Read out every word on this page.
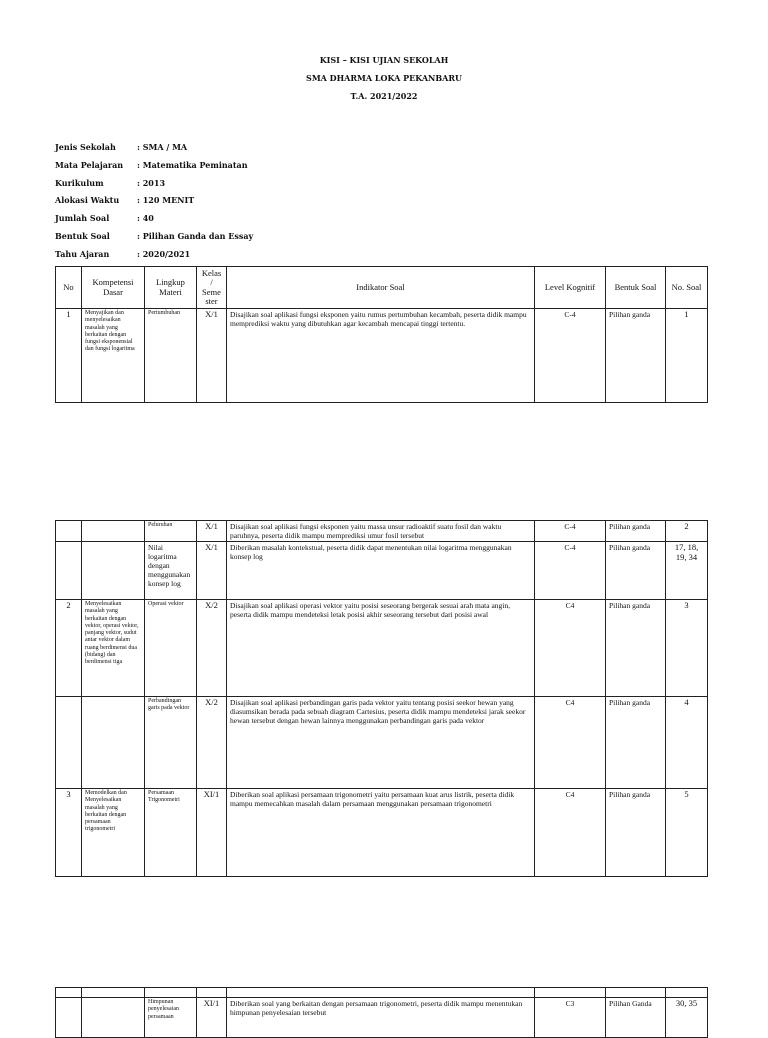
KISI – KISI UJIAN SEKOLAH
SMA DHARMA LOKA PEKANBARU
T.A. 2021/2022
Jenis Sekolah	: SMA / MA
Mata Pelajaran : Matematika Peminatan
Kurikulum	: 2013
Alokasi Waktu : 120 MENIT
Jumlah Soal	: 40
Bentuk Soal	: Pilihan Ganda dan Essay
Tahu Ajaran	: 2020/2021
No	Kompetensi Dasar	Lingkup Materi	Kelas / Seme ster	Indikator Soal	Level Kognitif	Bentuk Soal	No. Soal
1	Menyajikan dan menyelesaikan masalah yang berkaitan dengan fungsi eksponensial dan fungsi logaritma	Pertumbuhan	X/1	Disajikan soal aplikasi fungsi eksponen yaitu rumus pertumbuhan kecambah, peserta didik mampu memprediksi waktu yang dibutuhkan agar kecambah mencapai tinggi tertentu.	C-4	Pilihan ganda	1
		Peluruhan	X/1	Disajikan soal aplikasi fungsi eksponen yaitu massa unsur radioaktif suatu fosil dan waktu paruhnya, peserta didik mampu memprediksi umur fosil tersebut	C-4	Pilihan ganda	2
		Nilai logaritma dengan menggunakan konsep log	X/1	Diberikan masalah kontekstual, peserta didik dapat menentukan nilai logaritma menggunakan konsep log	C-4	Pilihan ganda	17, 18, 19, 34
2	Menyelesaikan masalah yang berkaitan dengan vektor, operasi vektor, panjang vektor, sudut antar vektor dalam ruang berdimensi dua (bidang) dan berdimensi tiga	Operasi vektor	X/2	Disajikan soal aplikasi operasi vektor yaitu posisi seseorang bergerak sesuai arah mata angin, peserta didik mampu mendeteksi letak posisi akhir seseorang tersebut dari posisi awal	C4	Pilihan ganda	3
		Perbandingan garis pada vektor	X/2	Disajikan soal aplikasi perbandingan garis pada vektor yaitu tentang posisi seekor hewan yang diasumsikan berada pada sebuah diagram Cartesius, peserta didik mampu mendeteksi jarak seekor hewan tersebut dengan hewan lainnya menggunakan perbandingan garis pada vektor	C4	Pilihan ganda	4
3	Memodelkan dan Menyelesaikan masalah yang berkaitan dengan persamaan trigonometri	Persamaan Trigonometri	XI/1	Diberikan soal aplikasi persamaan trigonometri yaitu persamaan kuat arus listrik, peserta didik mampu memecahkan masalah dalam persamaan menggunakan persamaan trigonometri	C4	Pilihan ganda	5

		Himpunan penyelesaian persamaan	XI/1	Diberikan soal yang berkaitan dengan persamaan trigonometri, peserta didik mampu menentukan himpunan penyelesaian tersebut	C3	Pilihan Ganda	30, 35
